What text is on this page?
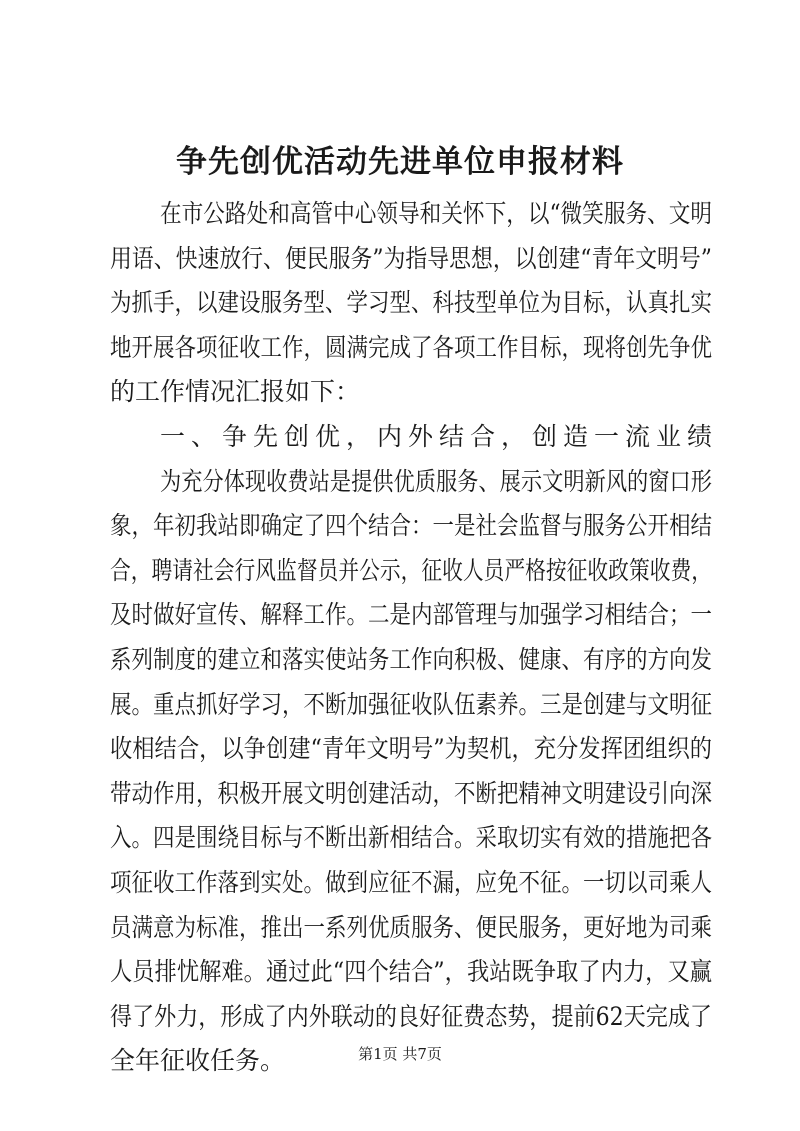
争先创优活动先进单位申报材料
在市公路处和高管中心领导和关怀下，以“微笑服务、文明
用语、快速放行、便民服务”为指导思想，以创建“青年文明号”
为抓手，以建设服务型、学习型、科技型单位为目标，认真扎实
地开展各项征收工作，圆满完成了各项工作目标，现将创先争优
的工作情况汇报如下：
一、争先创优，内外结合，创造一流业绩
为充分体现收费站是提供优质服务、展示文明新风的窗口形
象，年初我站即确定了四个结合：一是社会监督与服务公开相结
合，聘请社会行风监督员并公示，征收人员严格按征收政策收费，
及时做好宣传、解释工作。二是内部管理与加强学习相结合；一
系列制度的建立和落实使站务工作向积极、健康、有序的方向发
展。重点抓好学习，不断加强征收队伍素养。三是创建与文明征
收相结合，以争创建“青年文明号”为契机，充分发挥团组织的
带动作用，积极开展文明创建活动，不断把精神文明建设引向深
入。四是围绕目标与不断出新相结合。采取切实有效的措施把各
项征收工作落到实处。做到应征不漏，应免不征。一切以司乘人
员满意为标准，推出一系列优质服务、便民服务，更好地为司乘
人员排忧解难。通过此“四个结合”，我站既争取了内力，又赢
得了外力，形成了内外联动的良好征费态势，提前62天完成了
全年征收任务。	第1页 共7页
